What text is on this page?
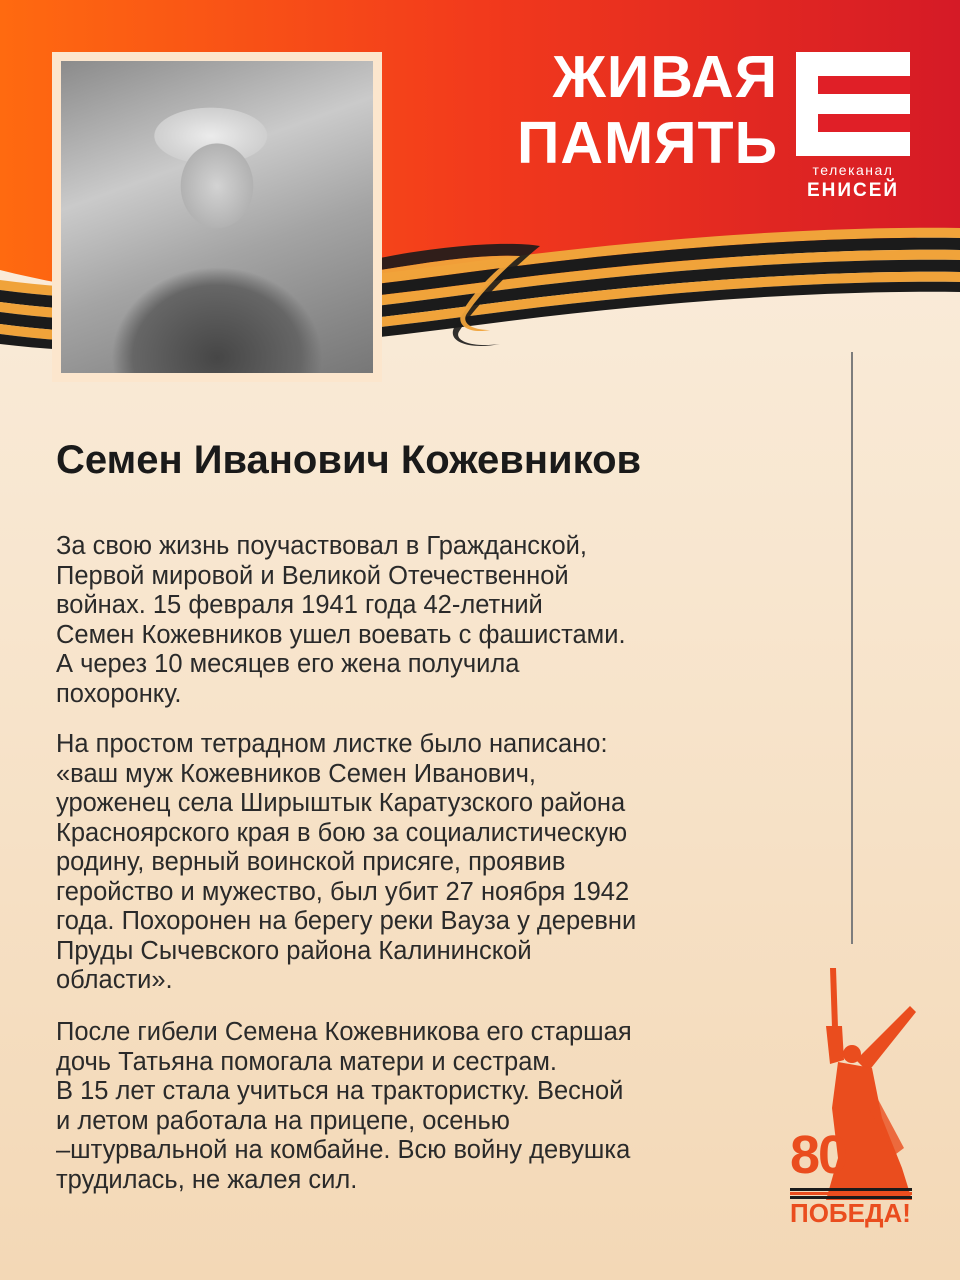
ЖИВАЯ
ПАМЯТЬ	телеканал
ЕНИСЕЙ
Семен Иванович Кожевников
За свою жизнь поучаствовал в Гражданской,
Первой мировой и Великой Отечественной
войнах. 15 февраля 1941 года 42-летний
Семен Кожевников ушел воевать с фашистами.
А через 10 месяцев его жена получила
похоронку.
На простом тетрадном листке было написано:
«ваш муж Кожевников Семен Иванович,
уроженец села Ширыштык Каратузского района
Красноярского края в бою за социалистическую
родину, верный воинской присяге, проявив
геройство и мужество, был убит 27 ноября 1942
года. Похоронен на берегу реки Вауза у деревни
Пруды Сычевского района Калининской
области».
После гибели Семена Кожевникова его старшая
дочь Татьяна помогала матери и сестрам.
В 15 лет стала учиться на трактористку. Весной
и летом работала на прицепе, осенью
–штурвальной на комбайне. Всю войну девушка
трудилась, не жалея сил.	80
ПОБЕДА!
